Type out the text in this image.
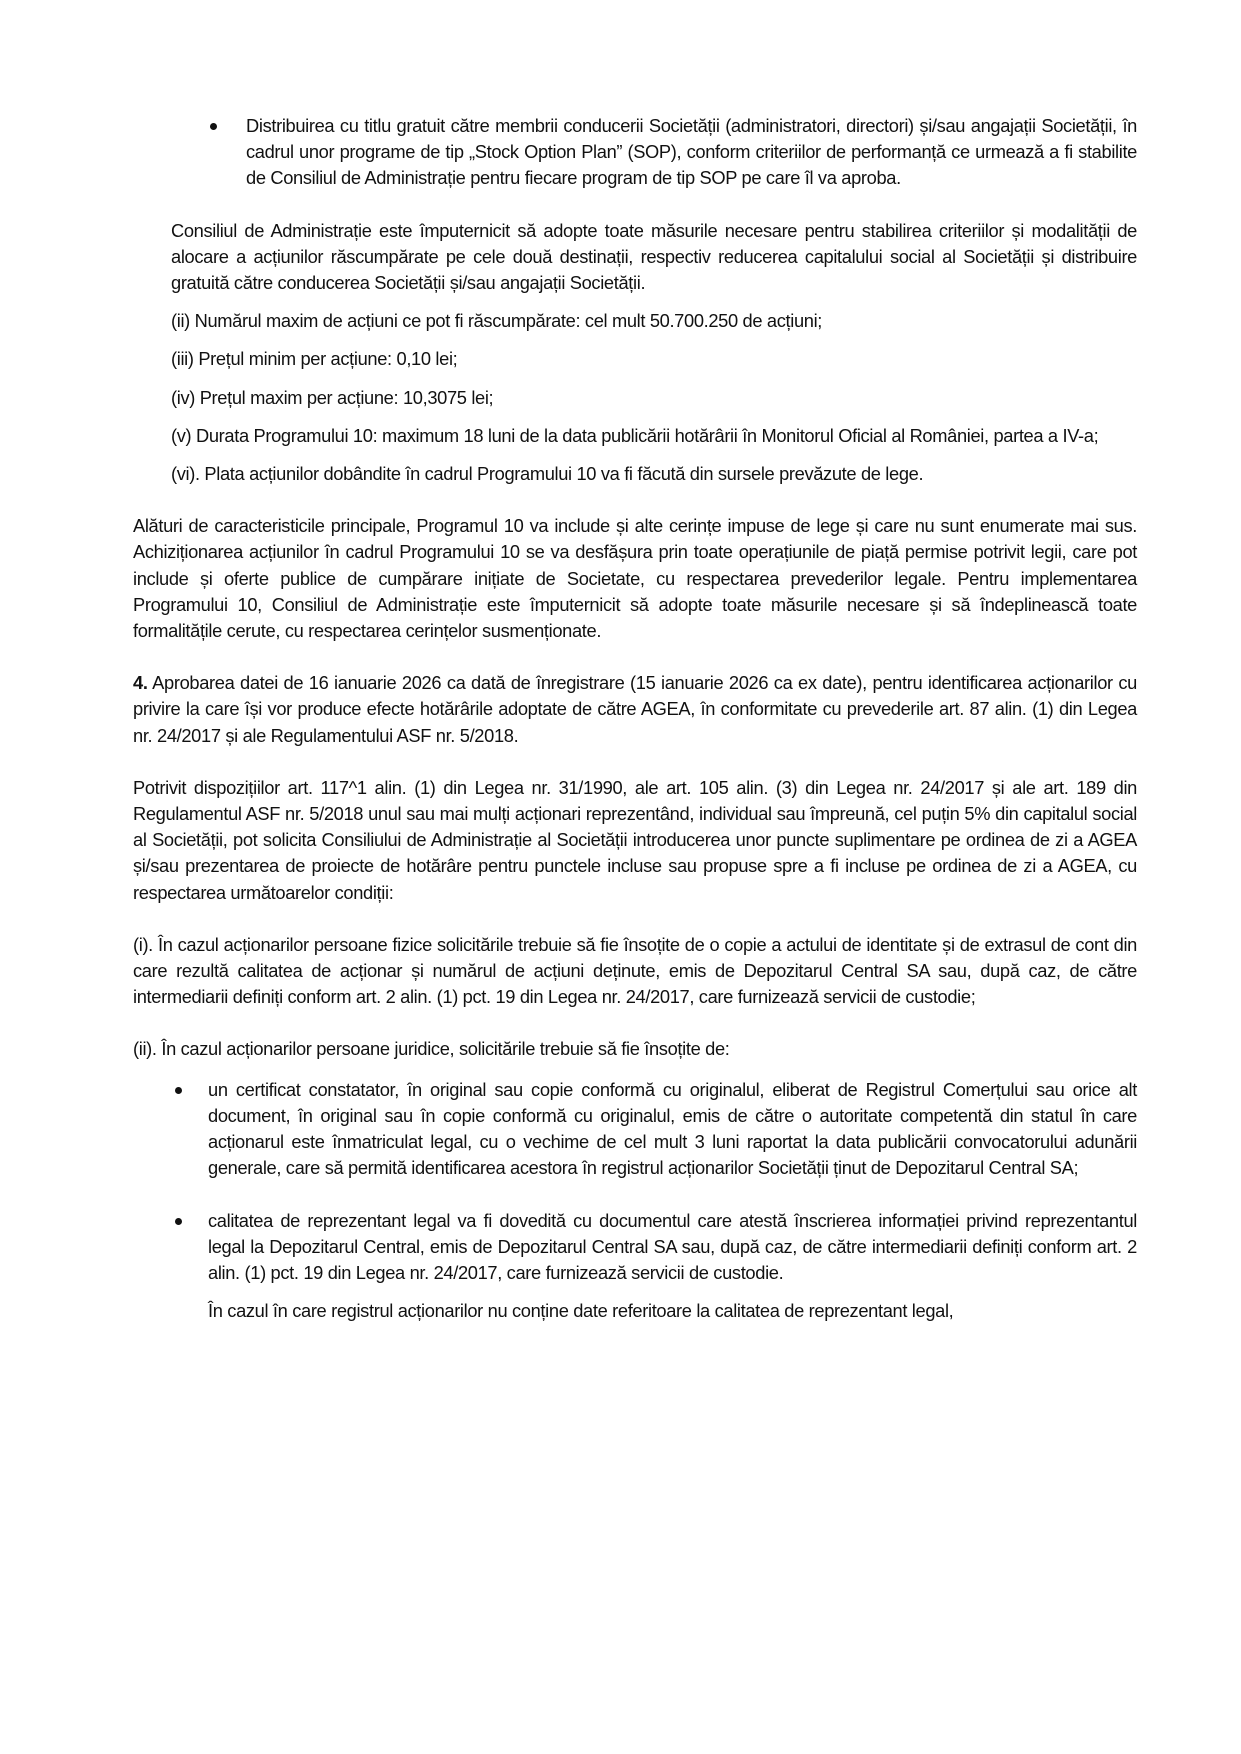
Distribuirea cu titlu gratuit către membrii conducerii Societății (administratori, directori) și/sau angajații Societății, în cadrul unor programe de tip „Stock Option Plan” (SOP), conform criteriilor de performanță ce urmează a fi stabilite de Consiliul de Administrație pentru fiecare program de tip SOP pe care îl va aproba.

Consiliul de Administrație este împuternicit să adopte toate măsurile necesare pentru stabilirea criteriilor și modalității de alocare a acțiunilor răscumpărate pe cele două destinații, respectiv reducerea capitalului social al Societății și distribuire gratuită către conducerea Societății și/sau angajații Societății.

(ii) Numărul maxim de acțiuni ce pot fi răscumpărate: cel mult 50.700.250 de acțiuni;

(iii) Prețul minim per acțiune: 0,10 lei;

(iv) Prețul maxim per acțiune: 10,3075 lei;

(v) Durata Programului 10: maximum 18 luni de la data publicării hotărârii în Monitorul Oficial al României, partea a IV-a;

(vi). Plata acțiunilor dobândite în cadrul Programului 10 va fi făcută din sursele prevăzute de lege.

Alături de caracteristicile principale, Programul 10 va include și alte cerințe impuse de lege și care nu sunt enumerate mai sus. Achiziționarea acțiunilor în cadrul Programului 10 se va desfășura prin toate operațiunile de piață permise potrivit legii, care pot include și oferte publice de cumpărare inițiate de Societate, cu respectarea prevederilor legale. Pentru implementarea Programului 10, Consiliul de Administrație este împuternicit să adopte toate măsurile necesare și să îndeplinească toate formalitățile cerute, cu respectarea cerințelor susmenționate.

4. Aprobarea datei de 16 ianuarie 2026 ca dată de înregistrare (15 ianuarie 2026 ca ex date), pentru identificarea acționarilor cu privire la care își vor produce efecte hotărârile adoptate de către AGEA, în conformitate cu prevederile art. 87 alin. (1) din Legea nr. 24/2017 și ale Regulamentului ASF nr. 5/2018.

Potrivit dispozițiilor art. 117^1 alin. (1) din Legea nr. 31/1990, ale art. 105 alin. (3) din Legea nr. 24/2017 și ale art. 189 din Regulamentul ASF nr. 5/2018 unul sau mai mulți acționari reprezentând, individual sau împreună, cel puțin 5% din capitalul social al Societății, pot solicita Consiliului de Administrație al Societății introducerea unor puncte suplimentare pe ordinea de zi a AGEA și/sau prezentarea de proiecte de hotărâre pentru punctele incluse sau propuse spre a fi incluse pe ordinea de zi a AGEA, cu respectarea următoarelor condiții:

(i). În cazul acționarilor persoane fizice solicitările trebuie să fie însoțite de o copie a actului de identitate și de extrasul de cont din care rezultă calitatea de acționar și numărul de acțiuni deținute, emis de Depozitarul Central SA sau, după caz, de către intermediarii definiți conform art. 2 alin. (1) pct. 19 din Legea nr. 24/2017, care furnizează servicii de custodie;

(ii). În cazul acționarilor persoane juridice, solicitările trebuie să fie însoțite de:

un certificat constatator, în original sau copie conformă cu originalul, eliberat de Registrul Comerțului sau orice alt document, în original sau în copie conformă cu originalul, emis de către o autoritate competentă din statul în care acționarul este înmatriculat legal, cu o vechime de cel mult 3 luni raportat la data publicării convocatorului adunării generale, care să permită identificarea acestora în registrul acționarilor Societății ținut de Depozitarul Central SA;

calitatea de reprezentant legal va fi dovedită cu documentul care atestă înscrierea informației privind reprezentantul legal la Depozitarul Central, emis de Depozitarul Central SA sau, după caz, de către intermediarii definiți conform art. 2 alin. (1) pct. 19 din Legea nr. 24/2017, care furnizează servicii de custodie.

În cazul în care registrul acționarilor nu conține date referitoare la calitatea de reprezentant legal,
